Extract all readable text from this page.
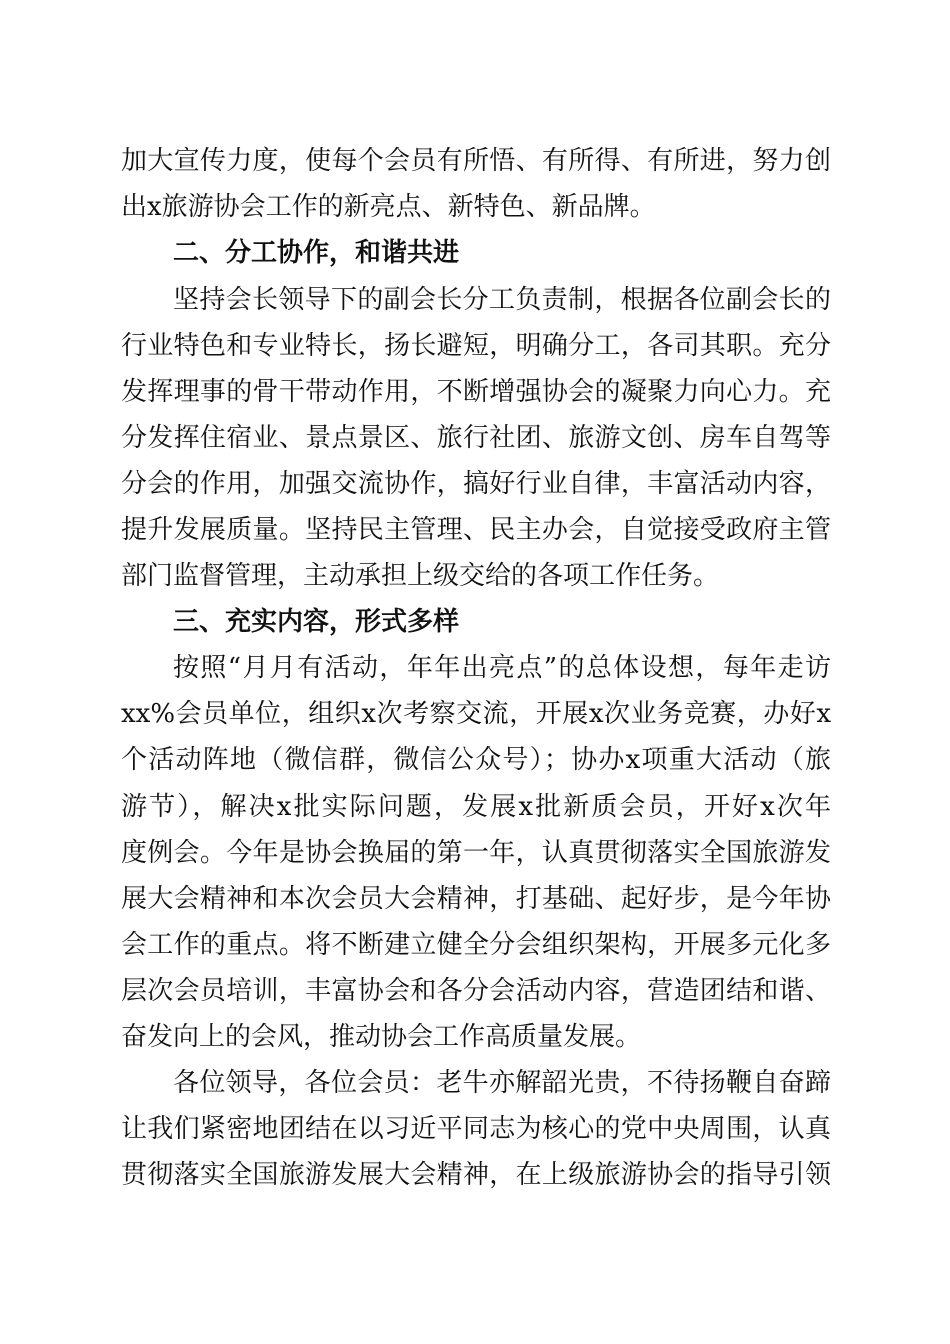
加大宣传力度，使每个会员有所悟、有所得、有所进，努力创
出x旅游协会工作的新亮点、新特色、新品牌。
二、分工协作，和谐共进
坚持会长领导下的副会长分工负责制，根据各位副会长的
行业特色和专业特长，扬长避短，明确分工，各司其职。充分
发挥理事的骨干带动作用，不断增强协会的凝聚力向心力。充
分发挥住宿业、景点景区、旅行社团、旅游文创、房车自驾等
分会的作用，加强交流协作，搞好行业自律，丰富活动内容，
提升发展质量。坚持民主管理、民主办会，自觉接受政府主管
部门监督管理，主动承担上级交给的各项工作任务。
三、充实内容，形式多样
按照“月月有活动，年年出亮点”的总体设想，每年走访
xx%会员单位，组织x次考察交流，开展x次业务竞赛，办好x
个活动阵地（微信群，微信公众号）；协办x项重大活动（旅
游节），解决x批实际问题，发展x批新质会员，开好x次年
度例会。今年是协会换届的第一年，认真贯彻落实全国旅游发
展大会精神和本次会员大会精神，打基础、起好步，是今年协
会工作的重点。将不断建立健全分会组织架构，开展多元化多
层次会员培训，丰富协会和各分会活动内容，营造团结和谐、
奋发向上的会风，推动协会工作高质量发展。
各位领导，各位会员：老牛亦解韶光贵，不待扬鞭自奋蹄
让我们紧密地团结在以习近平同志为核心的党中央周围，认真
贯彻落实全国旅游发展大会精神，在上级旅游协会的指导引领
